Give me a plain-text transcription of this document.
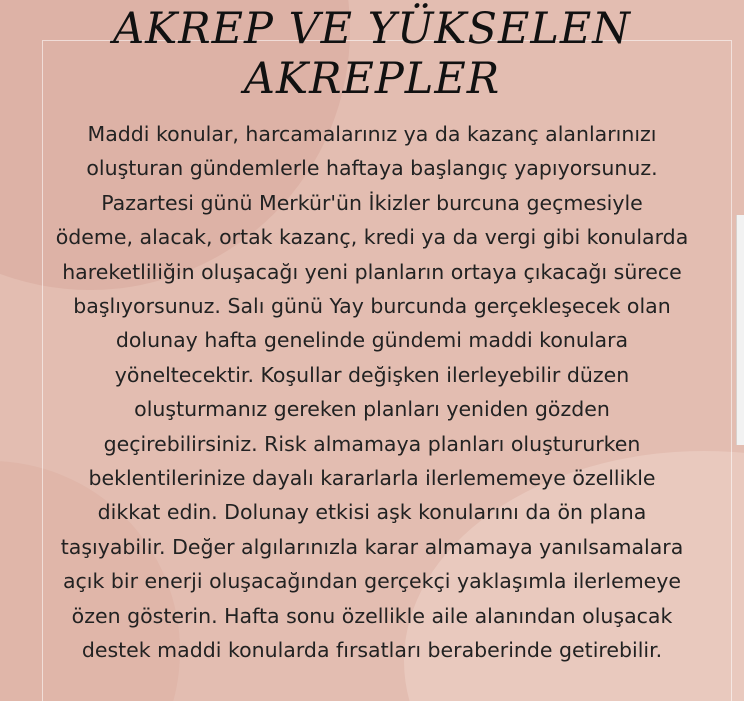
AKREP VE YÜKSELEN
AKREPLER

Maddi konular, harcamalarınız ya da kazanç alanlarınızı
oluşturan gündemlerle haftaya başlangıç yapıyorsunuz.
Pazartesi günü Merkür'ün İkizler burcuna geçmesiyle
ödeme, alacak, ortak kazanç, kredi ya da vergi gibi konularda
hareketliliğin oluşacağı yeni planların ortaya çıkacağı sürece
başlıyorsunuz. Salı günü Yay burcunda gerçekleşecek olan
dolunay hafta genelinde gündemi maddi konulara
yöneltecektir. Koşullar değişken ilerleyebilir düzen
oluşturmanız gereken planları yeniden gözden
geçirebilirsiniz. Risk almamaya planları oluştururken
beklentilerinize dayalı kararlarla ilerlememeye özellikle
dikkat edin. Dolunay etkisi aşk konularını da ön plana
taşıyabilir. Değer algılarınızla karar almamaya yanılsamalara
açık bir enerji oluşacağından gerçekçi yaklaşımla ilerlemeye
özen gösterin. Hafta sonu özellikle aile alanından oluşacak
destek maddi konularda fırsatları beraberinde getirebilir.
